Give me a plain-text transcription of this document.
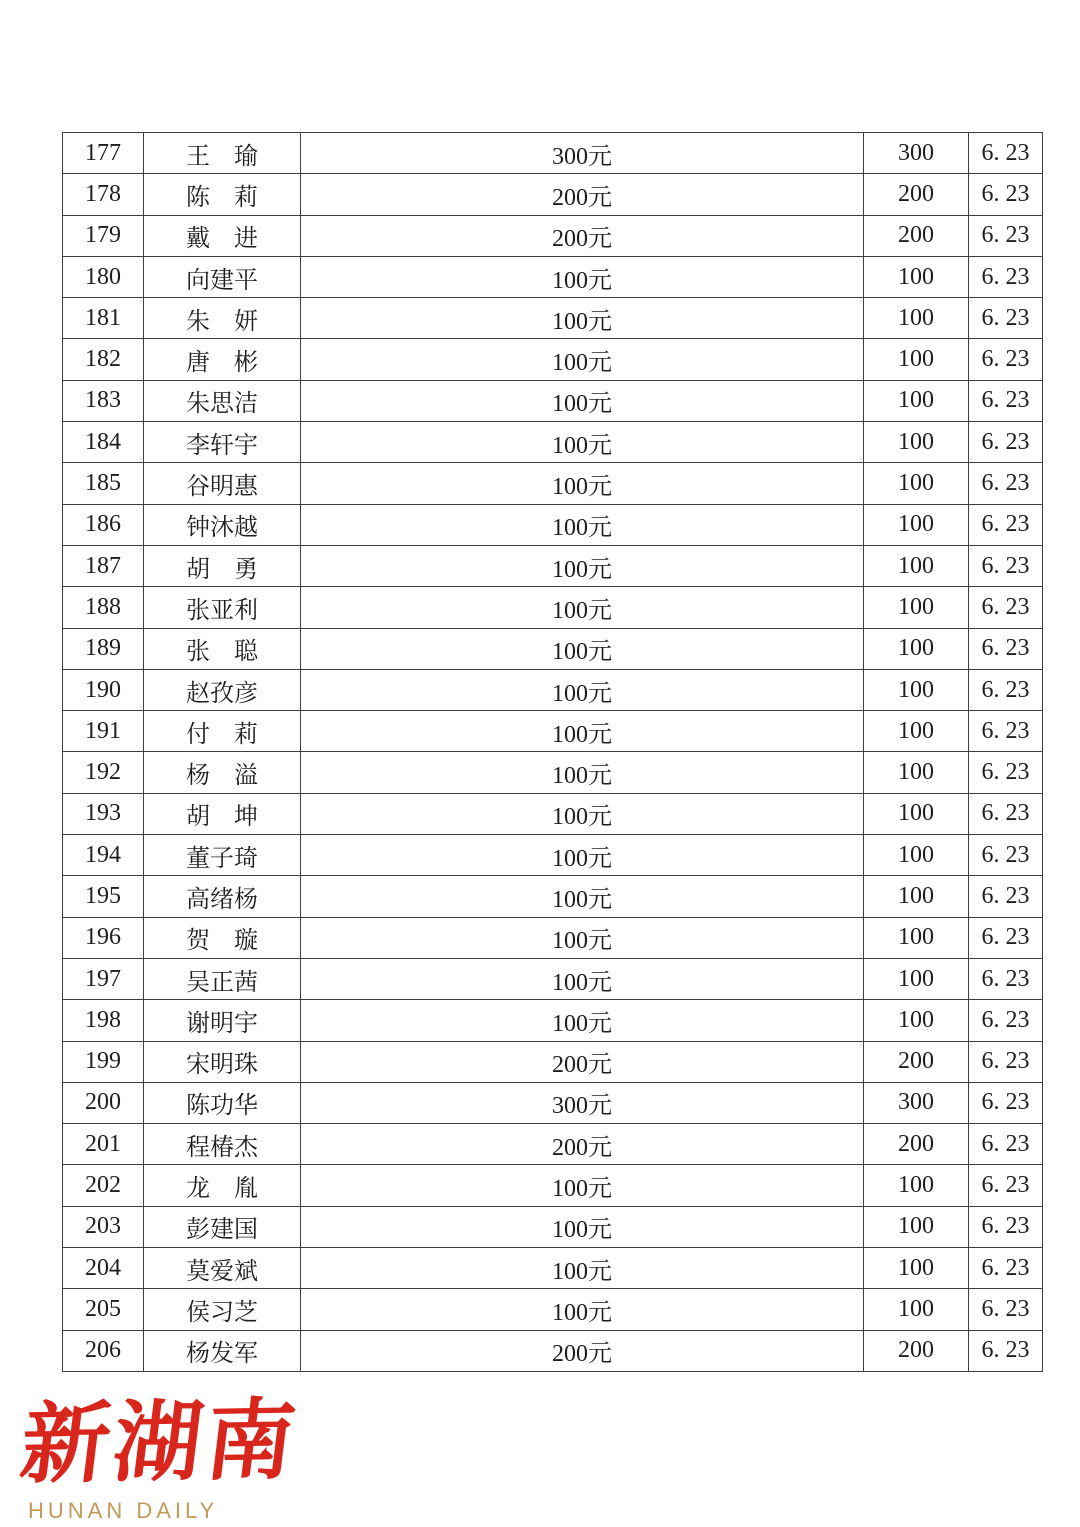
177	王　瑜	300元	300	6. 23
178	陈　莉	200元	200	6. 23
179	戴　进	200元	200	6. 23
180	向建平	100元	100	6. 23
181	朱　妍	100元	100	6. 23
182	唐　彬	100元	100	6. 23
183	朱思洁	100元	100	6. 23
184	李轩宇	100元	100	6. 23
185	谷明惠	100元	100	6. 23
186	钟沐越	100元	100	6. 23
187	胡　勇	100元	100	6. 23
188	张亚利	100元	100	6. 23
189	张　聪	100元	100	6. 23
190	赵孜彦	100元	100	6. 23
191	付　莉	100元	100	6. 23
192	杨　溢	100元	100	6. 23
193	胡　坤	100元	100	6. 23
194	董子琦	100元	100	6. 23
195	高绪杨	100元	100	6. 23
196	贺　璇	100元	100	6. 23
197	吴正茜	100元	100	6. 23
198	谢明宇	100元	100	6. 23
199	宋明珠	200元	200	6. 23
200	陈功华	300元	300	6. 23
201	程椿杰	200元	200	6. 23
202	龙　胤	100元	100	6. 23
203	彭建国	100元	100	6. 23
204	莫爱斌	100元	100	6. 23
205	侯习芝	100元	100	6. 23
206	杨发军	200元	200	6. 23
新湖南
HUNAN DAILY
